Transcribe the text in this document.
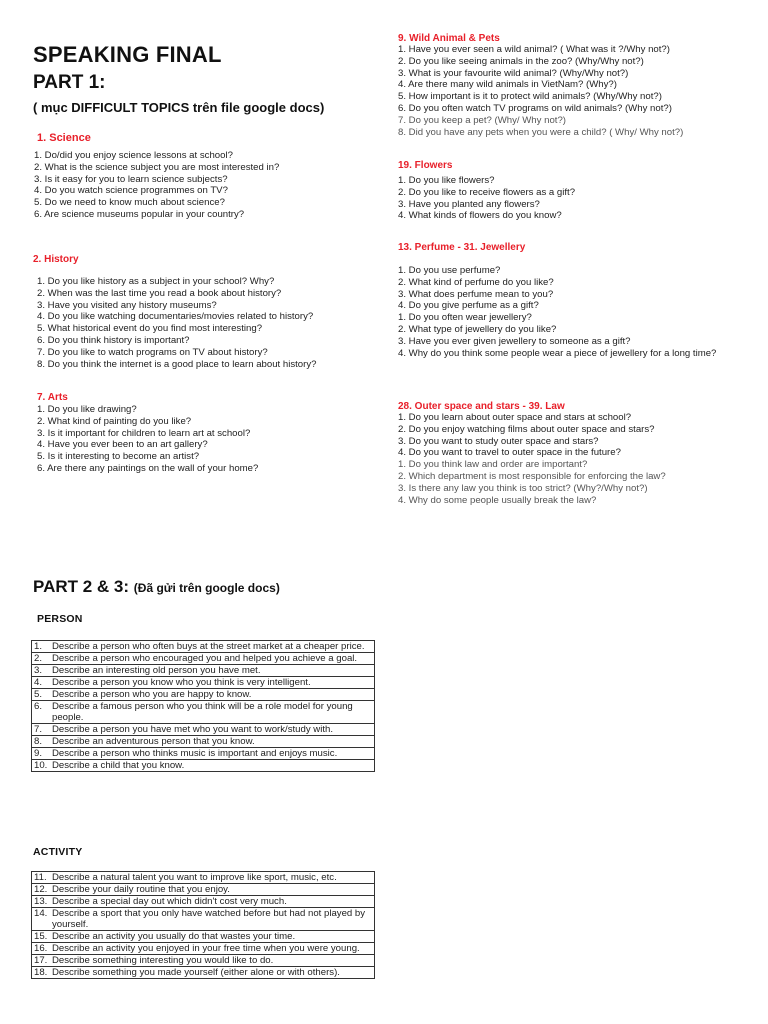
SPEAKING FINAL
PART 1:
( mục DIFFICULT TOPICS trên file google docs)
1. Science
1. Do/did you enjoy science lessons at school?
2. What is the science subject you are most interested in?
3. Is it easy for you to learn science subjects?
4. Do you watch science programmes on TV?
5. Do we need to know much about science?
6. Are science museums popular in your country?
2. History
1. Do you like history as a subject in your school? Why?
2. When was the last time you read a book about history?
3. Have you visited any history museums?
4. Do you like watching documentaries/movies related to history?
5. What historical event do you find most interesting?
6. Do you think history is important?
7. Do you like to watch programs on TV about history?
8. Do you think the internet is a good place to learn about history?
7. Arts
1. Do you like drawing?
2. What kind of painting do you like?
3. Is it important for children to learn art at school?
4. Have you ever been to an art gallery?
5. Is it interesting to become an artist?
6. Are there any paintings on the wall of your home?
9. Wild Animal & Pets
1. Have you ever seen a wild animal? ( What was it ?/Why not?)
2. Do you like seeing animals in the zoo? (Why/Why not?)
3. What is your favourite wild animal? (Why/Why not?)
4. Are there many wild animals in VietNam? (Why?)
5. How important is it to protect wild animals? (Why/Why not?)
6. Do you often watch TV programs on wild animals? (Why not?)
7. Do you keep a pet? (Why/ Why not?)
8. Did you have any pets when you were a child? ( Why/ Why not?)
19. Flowers
1. Do you like flowers?
2. Do you like to receive flowers as a gift?
3. Have you planted any flowers?
4. What kinds of flowers do you know?
13. Perfume - 31. Jewellery
1. Do you use perfume?
2. What kind of perfume do you like?
3. What does perfume mean to you?
4. Do you give perfume as a gift?
1. Do you often wear jewellery?
2. What type of jewellery do you like?
3. Have you ever given jewellery to someone as a gift?
4. Why do you think some people wear a piece of jewellery for a long time?
28. Outer space and stars - 39. Law
1. Do you learn about outer space and stars at school?
2. Do you enjoy watching films about outer space and stars?
3. Do you want to study outer space and stars?
4. Do you want to travel to outer space in the future?
1. Do you think law and order are important?
2. Which department is most responsible for enforcing the law?
3. Is there any law you think is too strict? (Why?/Why not?)
4. Why do some people usually break the law?
PART 2 & 3: (Đã gửi trên google docs)
PERSON
1. Describe a person who often buys at the street market at a cheaper price.
2. Describe a person who encouraged you and helped you achieve a goal.
3. Describe an interesting old person you have met.
4. Describe a person you know who you think is very intelligent.
5. Describe a person who you are happy to know.
6. Describe a famous person who you think will be a role model for young people.
7. Describe a person you have met who you want to work/study with.
8. Describe an adventurous person that you know.
9. Describe a person who thinks music is important and enjoys music.
10. Describe a child that you know.
ACTIVITY
11. Describe a natural talent you want to improve like sport, music, etc.
12. Describe your daily routine that you enjoy.
13. Describe a special day out which didn't cost very much.
14. Describe a sport that you only have watched before but had not played by yourself.
15. Describe an activity you usually do that wastes your time.
16. Describe an activity you enjoyed in your free time when you were young.
17. Describe something interesting you would like to do.
18. Describe something you made yourself (either alone or with others).
